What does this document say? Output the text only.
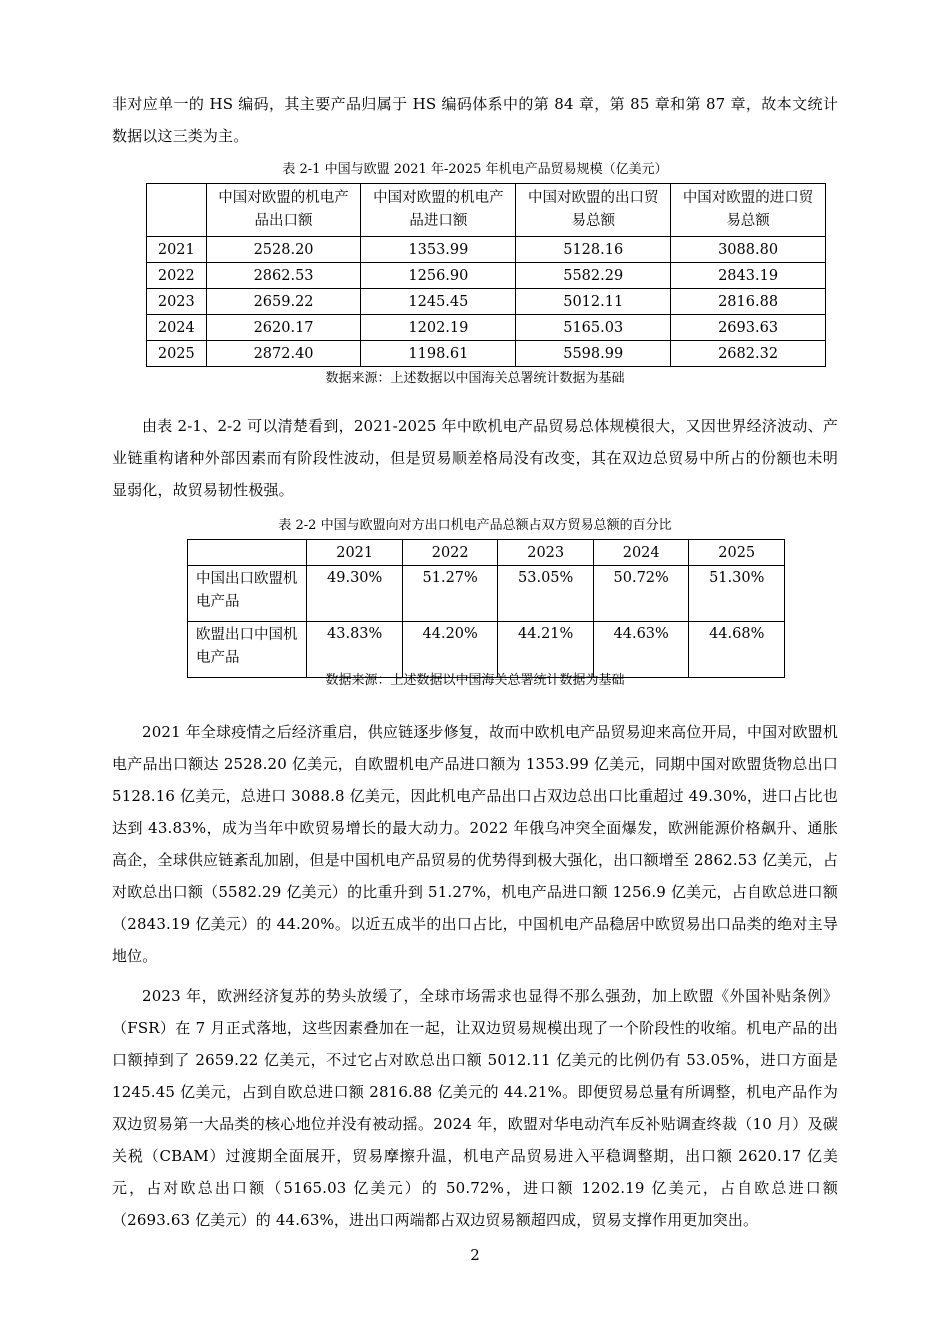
非对应单一的 HS 编码，其主要产品归属于 HS 编码体系中的第 84 章，第 85 章和第 87 章，故本文统计数据以这三类为主。

表 2-1 中国与欧盟 2021 年-2025 年机电产品贸易规模（亿美元）

	中国对欧盟的机电产品出口额	中国对欧盟的机电产品进口额	中国对欧盟的出口贸易总额	中国对欧盟的进口贸易总额
2021	2528.20	1353.99	5128.16	3088.80
2022	2862.53	1256.90	5582.29	2843.19
2023	2659.22	1245.45	5012.11	2816.88
2024	2620.17	1202.19	5165.03	2693.63
2025	2872.40	1198.61	5598.99	2682.32

数据来源：上述数据以中国海关总署统计数据为基础

由表 2-1、2-2 可以清楚看到，2021-2025 年中欧机电产品贸易总体规模很大，又因世界经济波动、产业链重构诸种外部因素而有阶段性波动，但是贸易顺差格局没有改变，其在双边总贸易中所占的份额也未明显弱化，故贸易韧性极强。

表 2-2 中国与欧盟向对方出口机电产品总额占双方贸易总额的百分比

	2021	2022	2023	2024	2025
中国出口欧盟机电产品	49.30%	51.27%	53.05%	50.72%	51.30%
欧盟出口中国机电产品	43.83%	44.20%	44.21%	44.63%	44.68%

数据来源：上述数据以中国海关总署统计数据为基础

2021 年全球疫情之后经济重启，供应链逐步修复，故而中欧机电产品贸易迎来高位开局，中国对欧盟机电产品出口额达 2528.20 亿美元，自欧盟机电产品进口额为 1353.99 亿美元，同期中国对欧盟货物总出口 5128.16 亿美元，总进口 3088.8 亿美元，因此机电产品出口占双边总出口比重超过 49.30%，进口占比也达到 43.83%，成为当年中欧贸易增长的最大动力。2022 年俄乌冲突全面爆发，欧洲能源价格飙升、通胀高企，全球供应链紊乱加剧，但是中国机电产品贸易的优势得到极大强化，出口额增至 2862.53 亿美元，占对欧总出口额（5582.29 亿美元）的比重升到 51.27%，机电产品进口额 1256.9 亿美元，占自欧总进口额（2843.19 亿美元）的 44.20%。以近五成半的出口占比，中国机电产品稳居中欧贸易出口品类的绝对主导地位。

2023 年，欧洲经济复苏的势头放缓了，全球市场需求也显得不那么强劲，加上欧盟《外国补贴条例》（FSR）在 7 月正式落地，这些因素叠加在一起，让双边贸易规模出现了一个阶段性的收缩。机电产品的出口额掉到了 2659.22 亿美元，不过它占对欧总出口额 5012.11 亿美元的比例仍有 53.05%，进口方面是 1245.45 亿美元，占到自欧总进口额 2816.88 亿美元的 44.21%。即便贸易总量有所调整，机电产品作为双边贸易第一大品类的核心地位并没有被动摇。2024 年，欧盟对华电动汽车反补贴调查终裁（10 月）及碳关税（CBAM）过渡期全面展开，贸易摩擦升温，机电产品贸易进入平稳调整期，出口额 2620.17 亿美元，占对欧总出口额（5165.03 亿美元）的 50.72%，进口额 1202.19 亿美元，占自欧总进口额（2693.63 亿美元）的 44.63%，进出口两端都占双边贸易额超四成，贸易支撑作用更加突出。

2
